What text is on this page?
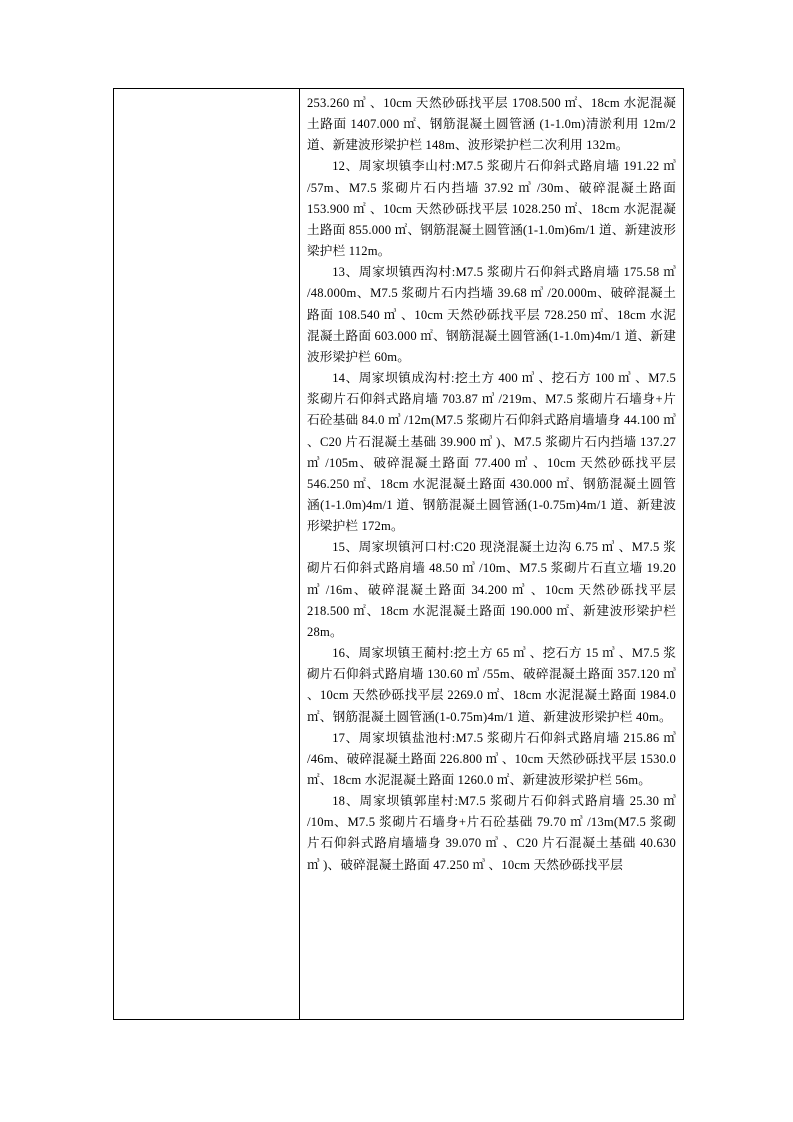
253.260 ㎥ 、10cm 天然砂砾找平层 1708.500 ㎡、18cm 水泥混凝土路面 1407.000 ㎡、钢筋混凝土圆管涵 (1-1.0m)清淤利用 12m/2 道、新建波形梁护栏 148m、波形梁护栏二次利用 132m。

12、周家坝镇李山村:M7.5 浆砌片石仰斜式路肩墙 191.22 ㎥ /57m、M7.5 浆砌片石内挡墙 37.92 ㎥ /30m、破碎混凝土路面 153.900 ㎡ 、10cm 天然砂砾找平层 1028.250 ㎡、18cm 水泥混凝土路面 855.000 ㎡、钢筋混凝土圆管涵(1-1.0m)6m/1 道、新建波形梁护栏 112m。

13、周家坝镇西沟村:M7.5 浆砌片石仰斜式路肩墙 175.58 ㎥ /48.000m、M7.5 浆砌片石内挡墙 39.68 ㎥ /20.000m、破碎混凝土路面 108.540 ㎥ 、10cm 天然砂砾找平层 728.250 ㎡、18cm 水泥混凝土路面 603.000 ㎡、钢筋混凝土圆管涵(1-1.0m)4m/1 道、新建波形梁护栏 60m。

14、周家坝镇成沟村:挖土方 400 ㎥ 、挖石方 100 ㎥ 、M7.5 浆砌片石仰斜式路肩墙 703.87 ㎥ /219m、M7.5 浆砌片石墙身+片石砼基础 84.0 ㎥ /12m(M7.5 浆砌片石仰斜式路肩墙墙身 44.100 ㎥ 、C20 片石混凝土基础 39.900 ㎥ )、M7.5 浆砌片石内挡墙 137.27 ㎥ /105m、破碎混凝土路面 77.400 ㎥ 、10cm 天然砂砾找平层 546.250 ㎡、18cm 水泥混凝土路面 430.000 ㎡、钢筋混凝土圆管涵(1-1.0m)4m/1 道、钢筋混凝土圆管涵(1-0.75m)4m/1 道、新建波形梁护栏 172m。

15、周家坝镇河口村:C20 现浇混凝土边沟 6.75 ㎥ 、M7.5 浆砌片石仰斜式路肩墙 48.50 ㎥ /10m、M7.5 浆砌片石直立墙 19.20 ㎥ /16m、破碎混凝土路面 34.200 ㎥ 、10cm 天然砂砾找平层 218.500 ㎡、18cm 水泥混凝土路面 190.000 ㎡、新建波形梁护栏 28m。

16、周家坝镇王蔺村:挖土方 65 ㎥ 、挖石方 15 ㎥ 、M7.5 浆砌片石仰斜式路肩墙 130.60 ㎥ /55m、破碎混凝土路面 357.120 ㎥ 、10cm 天然砂砾找平层 2269.0 ㎡、18cm 水泥混凝土路面 1984.0 ㎡、钢筋混凝土圆管涵(1-0.75m)4m/1 道、新建波形梁护栏 40m。

17、周家坝镇盐池村:M7.5 浆砌片石仰斜式路肩墙 215.86 ㎥ /46m、破碎混凝土路面 226.800 ㎥ 、10cm 天然砂砾找平层 1530.0 ㎡、18cm 水泥混凝土路面 1260.0 ㎡、新建波形梁护栏 56m。

18、周家坝镇郭崖村:M7.5 浆砌片石仰斜式路肩墙 25.30 ㎥ /10m、M7.5 浆砌片石墙身+片石砼基础 79.70 ㎥ /13m(M7.5 浆砌片石仰斜式路肩墙墙身 39.070 ㎥ 、C20 片石混凝土基础 40.630 ㎥ )、破碎混凝土路面 47.250 ㎥ 、10cm 天然砂砾找平层
